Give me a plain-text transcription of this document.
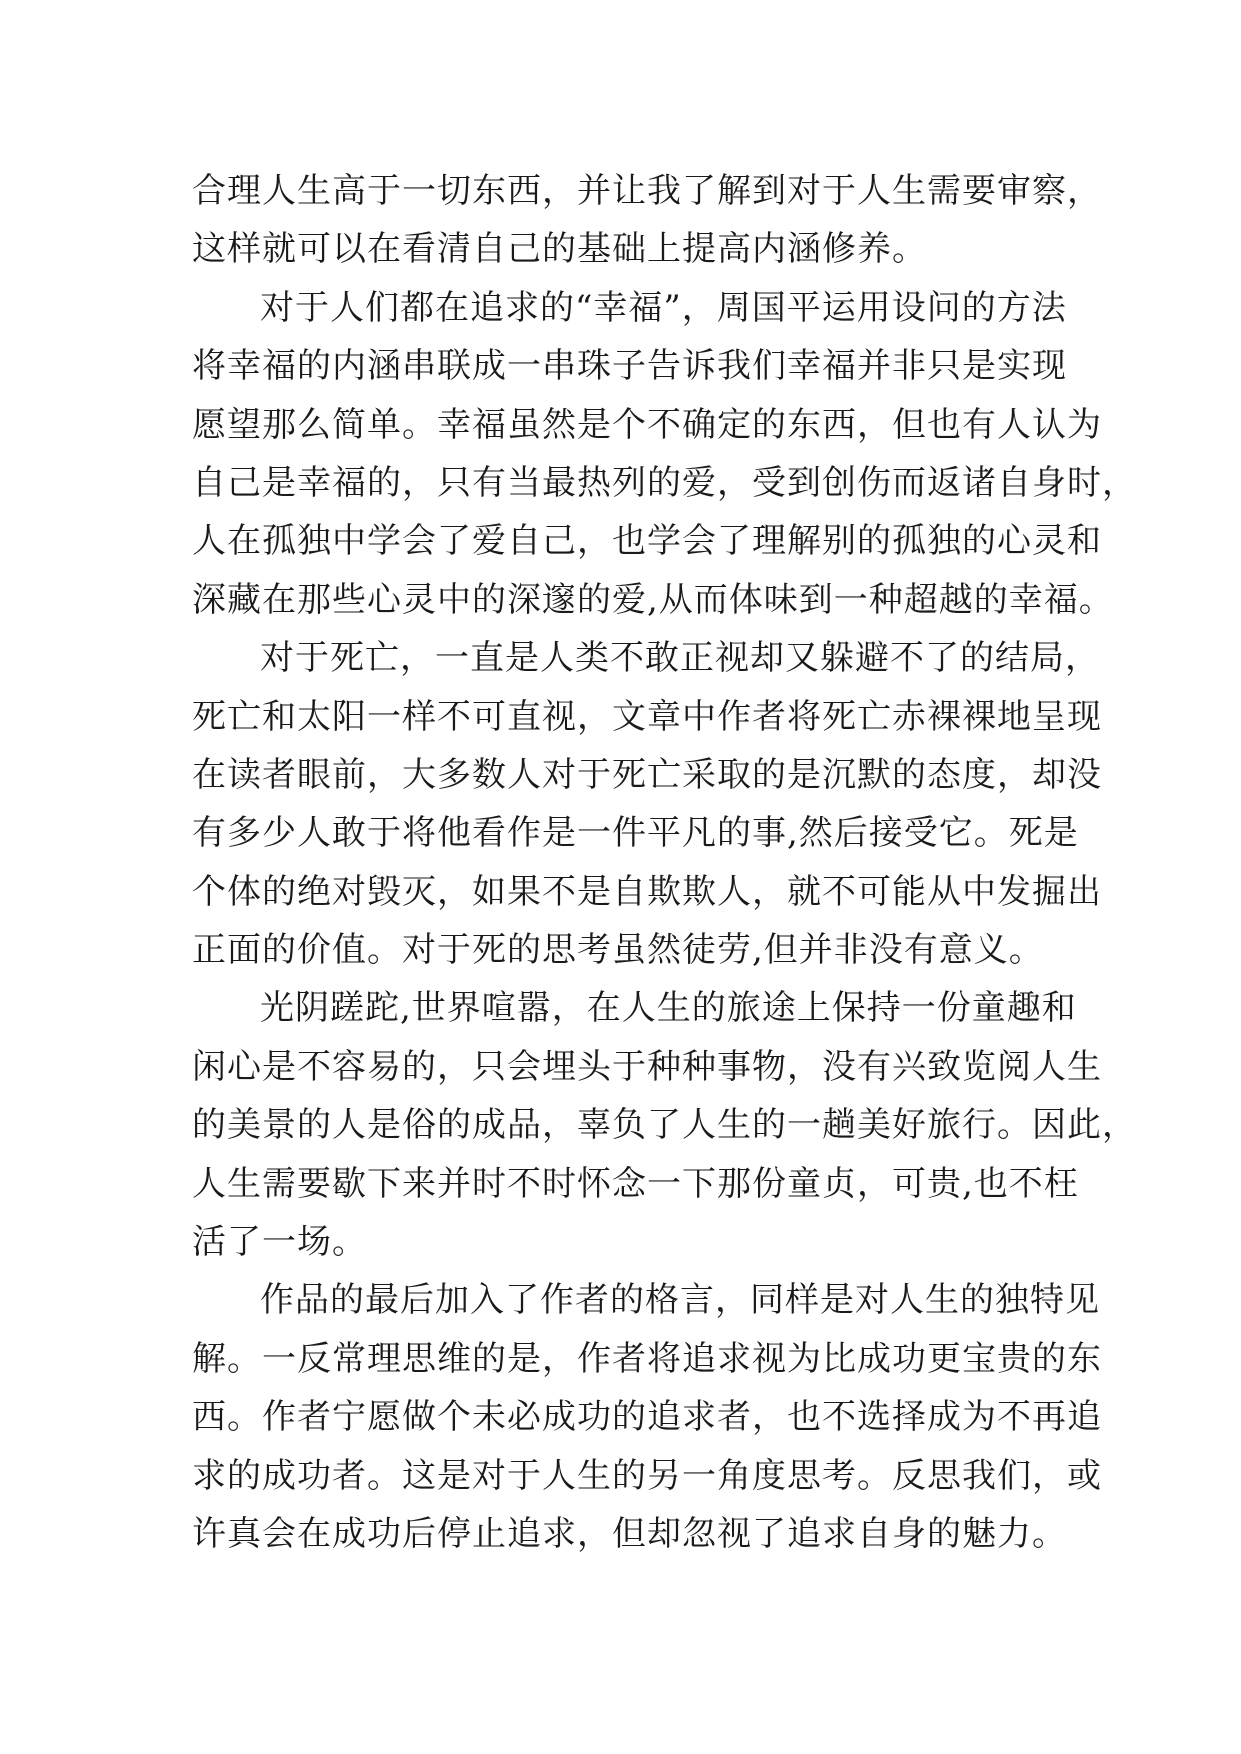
合理人生高于一切东西，并让我了解到对于人生需要审察，
这样就可以在看清自己的基础上提高内涵修养。
对于人们都在追求的“幸福”，周国平运用设问的方法
将幸福的内涵串联成一串珠子告诉我们幸福并非只是实现
愿望那么简单。幸福虽然是个不确定的东西，但也有人认为
自己是幸福的，只有当最热列的爱，受到创伤而返诸自身时，
人在孤独中学会了爱自己，也学会了理解别的孤独的心灵和
深藏在那些心灵中的深邃的爱,从而体味到一种超越的幸福。
对于死亡，一直是人类不敢正视却又躲避不了的结局，
死亡和太阳一样不可直视，文章中作者将死亡赤裸裸地呈现
在读者眼前，大多数人对于死亡采取的是沉默的态度，却没
有多少人敢于将他看作是一件平凡的事,然后接受它。死是
个体的绝对毁灭，如果不是自欺欺人，就不可能从中发掘出
正面的价值。对于死的思考虽然徒劳,但并非没有意义。
光阴蹉跎,世界喧嚣，在人生的旅途上保持一份童趣和
闲心是不容易的，只会埋头于种种事物，没有兴致览阅人生
的美景的人是俗的成品，辜负了人生的一趟美好旅行。因此，
人生需要歇下来并时不时怀念一下那份童贞，可贵,也不枉
活了一场。
作品的最后加入了作者的格言，同样是对人生的独特见
解。一反常理思维的是，作者将追求视为比成功更宝贵的东
西。作者宁愿做个未必成功的追求者，也不选择成为不再追
求的成功者。这是对于人生的另一角度思考。反思我们，或
许真会在成功后停止追求，但却忽视了追求自身的魅力。
